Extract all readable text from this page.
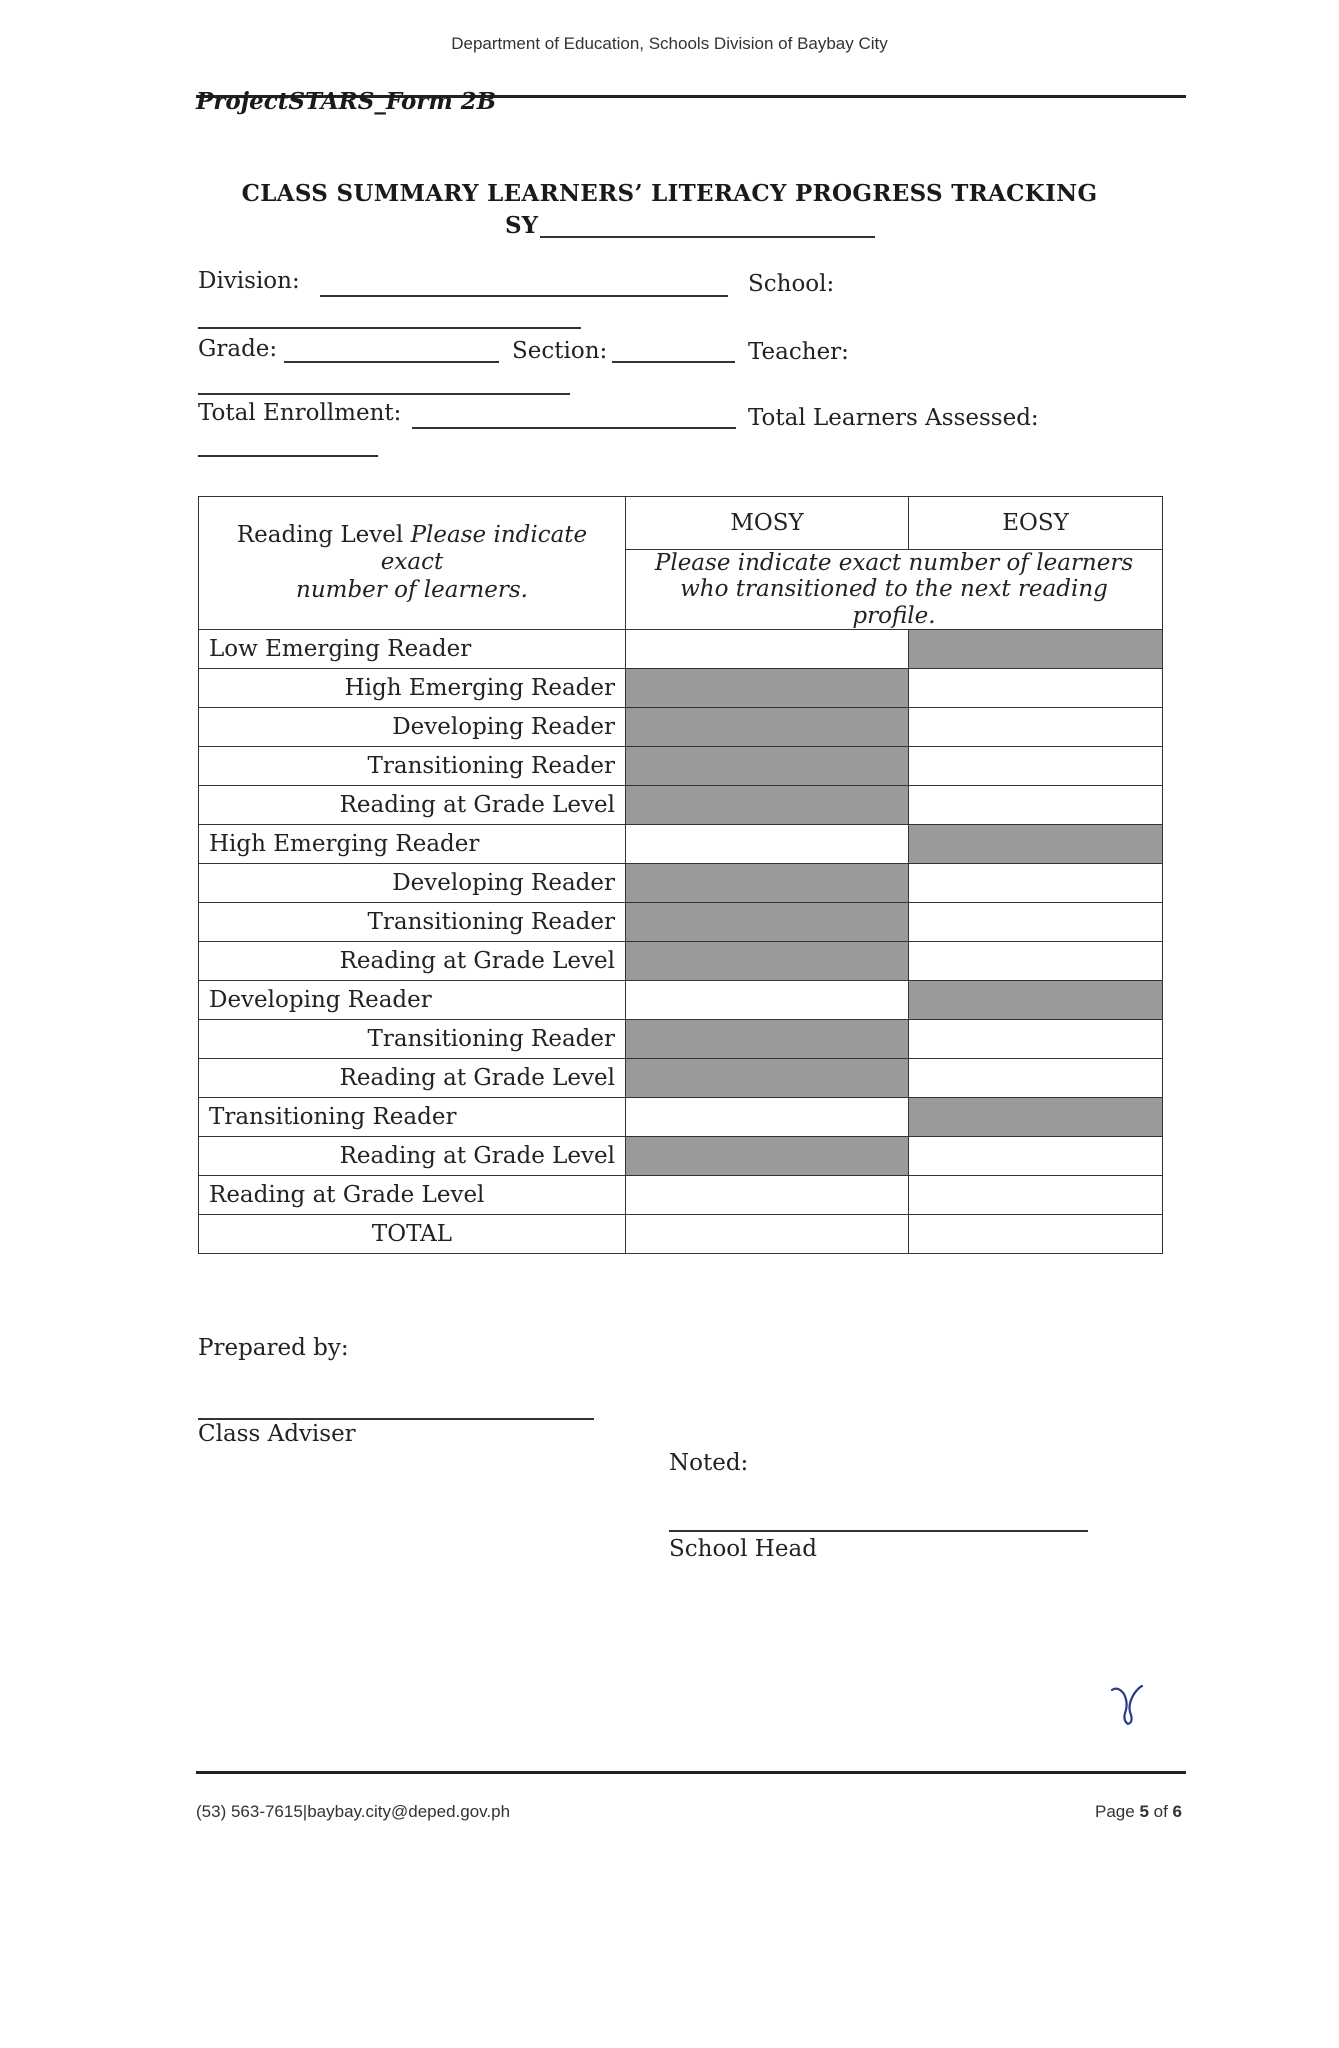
Department of Education, Schools Division of Baybay City
ProjectSTARS_Form 2B
CLASS SUMMARY LEARNERS’ LITERACY PROGRESS TRACKING
SY
Division:	School:
Grade:	Section:	Teacher:
Total Enrollment:	Total Learners Assessed:
Reading Level Please indicate exact
number of learners.	MOSY	EOSY
	Please indicate exact number of learners
who transitioned to the next reading profile.	
Low Emerging Reader		
High Emerging Reader		
Developing Reader		
Transitioning Reader		
Reading at Grade Level		
High Emerging Reader		
Developing Reader		
Transitioning Reader		
Reading at Grade Level		
Developing Reader		
Transitioning Reader		
Reading at Grade Level		
Transitioning Reader		
Reading at Grade Level		
Reading at Grade Level		
TOTAL		
Prepared by:
Class Adviser
Noted:
School Head
(53) 563-7615|baybay.city@deped.gov.ph	Page 5 of 6
